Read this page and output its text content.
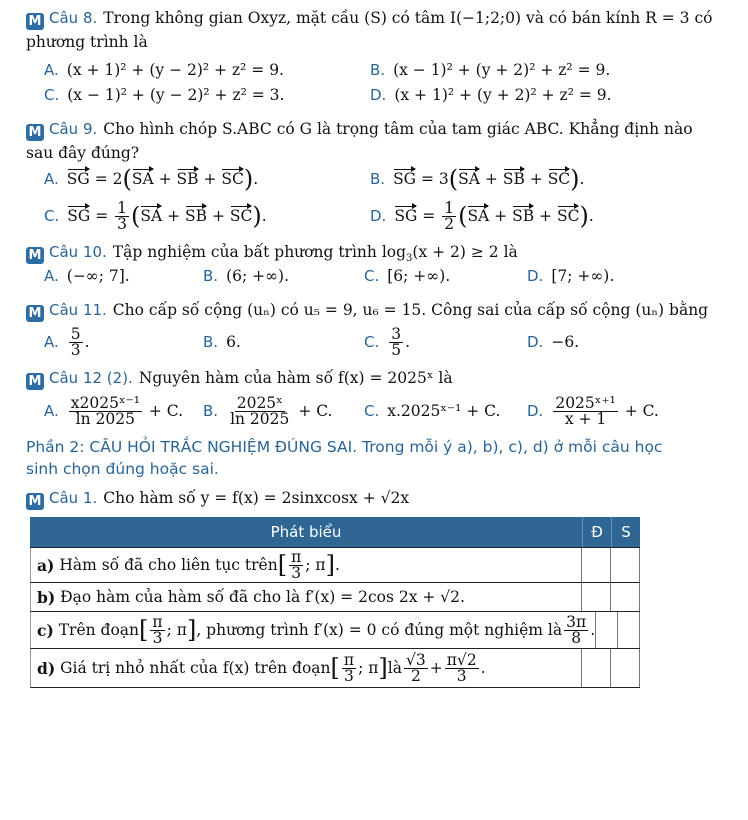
M Câu 8. Trong không gian Oxyz, mặt cầu (S) có tâm I(−1;2;0) và có bán kính R = 3 có
phương trình là
A. (x + 1)² + (y − 2)² + z² = 9.	B. (x − 1)² + (y + 2)² + z² = 9.
C. (x − 1)² + (y − 2)² + z² = 3.	D. (x + 1)² + (y + 2)² + z² = 9.
M Câu 9. Cho hình chóp S.ABC có G là trọng tâm của tam giác ABC. Khẳng định nào
sau đây đúng?
A. SG = 2 ( SA + SB + SC ) .	B. SG = 3 ( SA + SB + SC ) .
C. SG = $\frac{1}{3}$ ( SA + SB + SC ) .	D. SG = $\frac{1}{2}$ ( SA + SB + SC ) .
M Câu 10. Tập nghiệm của bất phương trình $\log_3(x + 2) \ge 2$ là
A. (−∞; 7].	B. (6; +∞).	C. [6; +∞).	D. [7; +∞).
M Câu 11. Cho cấp số cộng (uₙ) có u₅ = 9, u₆ = 15. Công sai của cấp số cộng (uₙ) bằng
A. $\frac{5}{3}$ .	B. 6.	C. $\frac{3}{5}$ .	D. −6.
M Câu 12 (2). Nguyên hàm của hàm số f(x) = 2025ˣ là
A. $\frac{\text{x2025ˣ⁻¹}}{\ln 2025}$
+ C. B. $\frac{\text{2025ˣ}}{\ln 2025}$
+ C. C. x.2025ˣ⁻¹ + C. D. $\frac{\text{2025ˣ⁺¹}}{x + 1}$
+ C.
Phần 2: CÂU HỎI TRẮC NGHIỆM ĐÚNG SAI. Trong mỗi ý a), b), c), d) ở mỗi câu học
sinh chọn đúng hoặc sai.
M Câu 1. Cho hàm số y = f(x) = 2sinxcosx + √2x
Phát biểu	Đ	S
a)
Hàm số đã cho liên tục trên [ $\frac{\pi}{3}$ ; π ] .
b)
Đạo hàm của hàm số đã cho là f′(x) = 2cos 2x + √2.
c)
Trên đoạn [ $\frac{\pi}{3}$ ; π ] , phương trình f′(x) = 0 có đúng một nghiệm là $\frac{3\pi}{8}$ .
d)
Giá trị nhỏ nhất của f(x) trên đoạn [ $\frac{\pi}{3}$ ; π ] là $\frac{√3}{2} + \frac{\pi√2}{3}$ .
